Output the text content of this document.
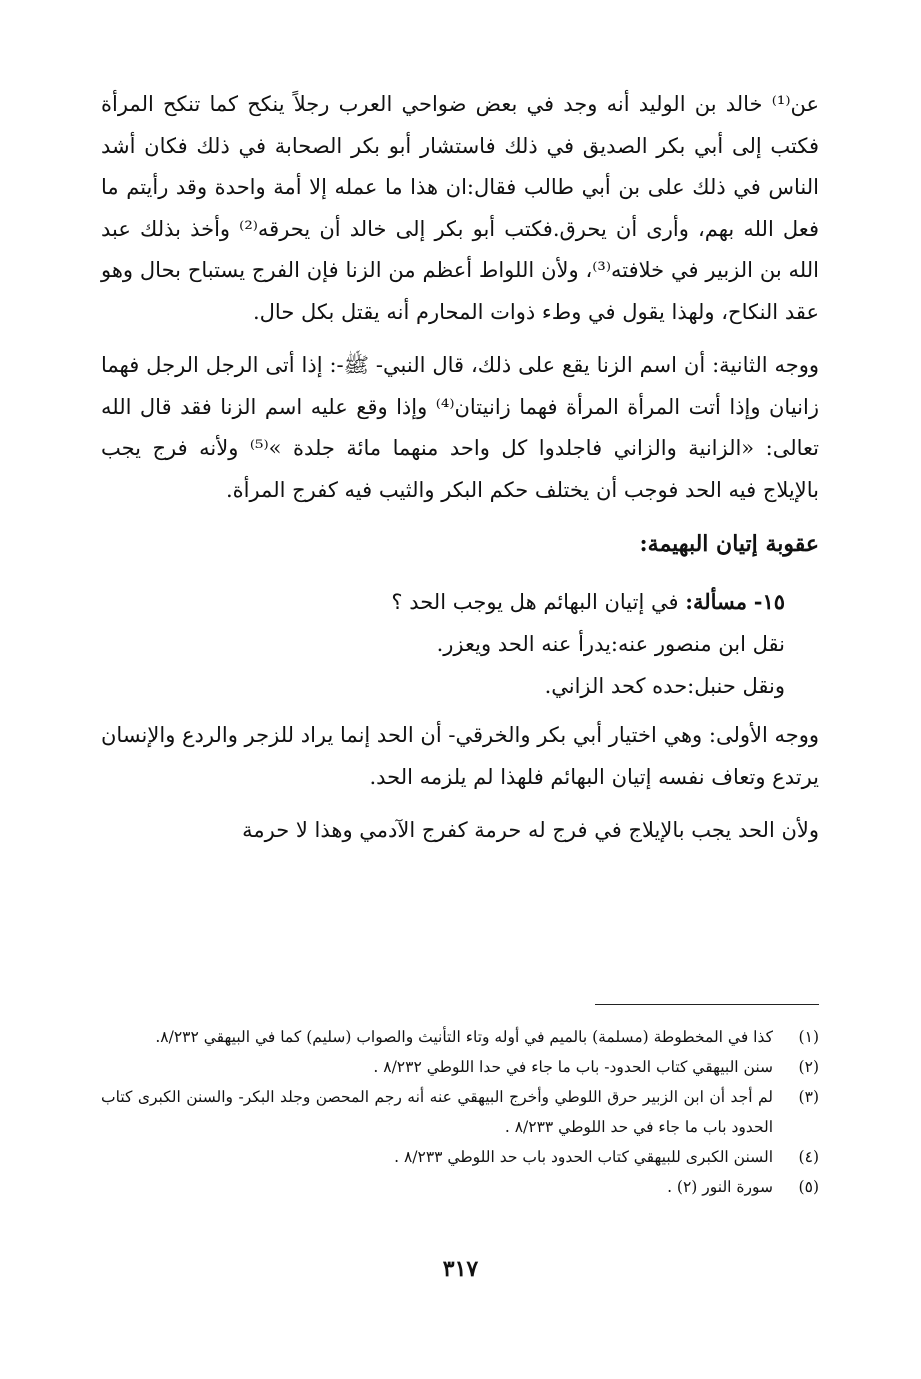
عن⁽¹⁾ خالد بن الوليد أنه وجد في بعض ضواحي العرب رجلاً ينكح كما تنكح المرأة فكتب إلى أبي بكر الصديق في ذلك فاستشار أبو بكر الصحابة في ذلك فكان أشد الناس في ذلك على بن أبي طالب فقال:ان هذا ما عمله إلا أمة واحدة وقد رأيتم ما فعل الله بهم، وأرى أن يحرق.فكتب أبو بكر إلى خالد أن يحرقه⁽²⁾ وأخذ بذلك عبد الله بن الزبير في خلافته⁽³⁾، ولأن اللواط أعظم من الزنا فإن الفرج يستباح بحال وهو عقد النكاح، ولهذا يقول في وطء ذوات المحارم أنه يقتل بكل حال.

ووجه الثانية: أن اسم الزنا يقع على ذلك، قال النبي- ﷺ-: إذا أتى الرجل الرجل فهما زانيان وإذا أتت المرأة المرأة فهما زانيتان⁽⁴⁾ وإذا وقع عليه اسم الزنا فقد قال الله تعالى: «الزانية والزاني فاجلدوا كل واحد منهما مائة جلدة »⁽⁵⁾ ولأنه فرج يجب بالإيلاج فيه الحد فوجب أن يختلف حكم البكر والثيب فيه كفرج المرأة.

عقوبة إتيان البهيمة:

١٥- مسألة: في إتيان البهائم هل يوجب الحد ؟

نقل ابن منصور عنه:يدرأ عنه الحد ويعزر.

ونقل حنبل:حده كحد الزاني.

ووجه الأولى: وهي اختيار أبي بكر والخرقي- أن الحد إنما يراد للزجر والردع والإنسان يرتدع وتعاف نفسه إتيان البهائم فلهذا لم يلزمه الحد.

ولأن الحد يجب بالإيلاج في فرج له حرمة كفرج الآدمي وهذا لا حرمة

(١)
كذا في المخطوطة (مسلمة) بالميم في أوله وتاء التأنيث والصواب (سليم) كما في البيهقي ٨/٢٣٢.
(٢)
سنن البيهقي كتاب الحدود- باب ما جاء في حدا اللوطي ٨/٢٣٢ .
(٣)
لم أجد أن ابن الزبير حرق اللوطي وأخرج البيهقي عنه أنه رجم المحصن وجلد البكر- والسنن الكبرى كتاب الحدود باب ما جاء في حد اللوطي ٨/٢٣٣ .
(٤)
السنن الكبرى للبيهقي كتاب الحدود باب حد اللوطي ٨/٢٣٣ .
(٥)
سورة النور (٢) .
٣١٧
